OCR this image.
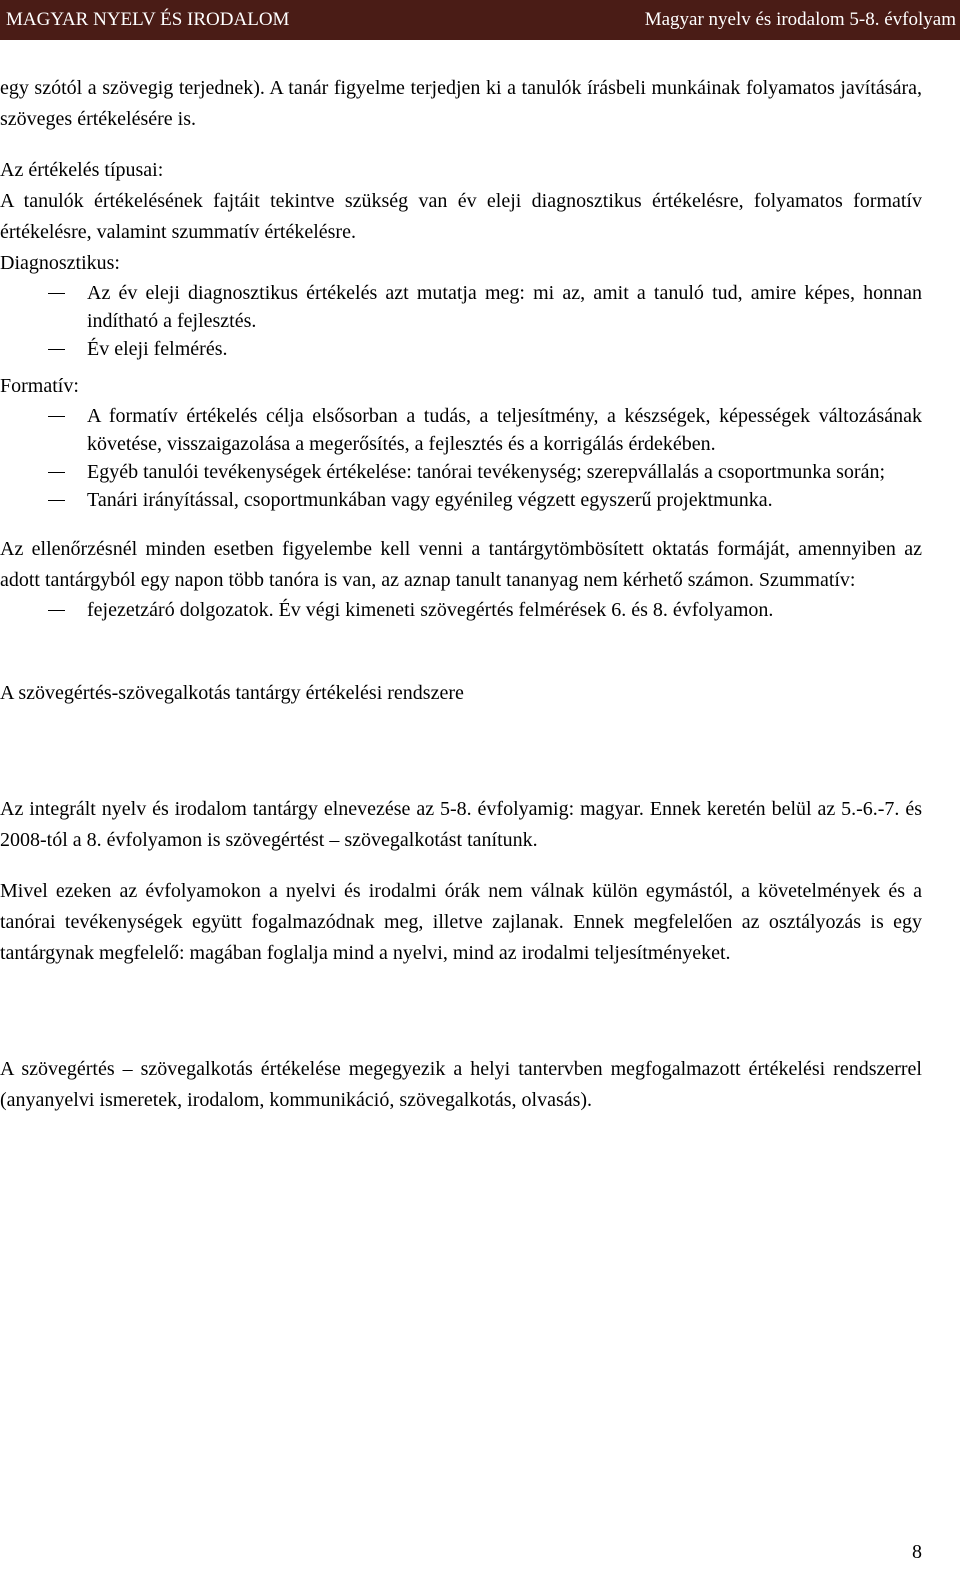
MAGYAR NYELV ÉS IRODALOM	Magyar nyelv és irodalom 5-8. évfolyam

egy szótól a szövegig terjednek). A tanár figyelme terjedjen ki a tanulók írásbeli munkáinak folyamatos javítására, szöveges értékelésére is.

Az értékelés típusai:

A tanulók értékelésének fajtáit tekintve szükség van év eleji diagnosztikus értékelésre, folyamatos formatív értékelésre, valamint szummatív értékelésre.

Diagnosztikus:

Az év eleji diagnosztikus értékelés azt mutatja meg: mi az, amit a tanuló tud, amire képes, honnan indítható a fejlesztés.
Év eleji felmérés.

Formatív:

A formatív értékelés célja elsősorban a tudás, a teljesítmény, a készségek, képességek változásának követése, visszaigazolása a megerősítés, a fejlesztés és a korrigálás érdekében.
Egyéb tanulói tevékenységek értékelése: tanórai tevékenység; szerepvállalás a csoportmunka során;
Tanári irányítással, csoportmunkában vagy egyénileg végzett egyszerű projektmunka.

Az ellenőrzésnél minden esetben figyelembe kell venni a tantárgytömbösített oktatás formáját, amennyiben az adott tantárgyból egy napon több tanóra is van, az aznap tanult tananyag nem kérhető számon. Szummatív:

fejezetzáró dolgozatok. Év végi kimeneti szövegértés felmérések 6. és 8. évfolyamon.

A szövegértés-szövegalkotás tantárgy értékelési rendszere

Az integrált nyelv és irodalom tantárgy elnevezése az 5-8. évfolyamig: magyar. Ennek keretén belül az 5.-6.-7. és 2008-tól a 8. évfolyamon is szövegértést – szövegalkotást tanítunk.

Mivel ezeken az évfolyamokon a nyelvi és irodalmi órák nem válnak külön egymástól, a követelmények és a tanórai tevékenységek együtt fogalmazódnak meg, illetve zajlanak. Ennek megfelelően az osztályozás is egy tantárgynak megfelelő: magában foglalja mind a nyelvi, mind az irodalmi teljesítményeket.

A szövegértés – szövegalkotás értékelése megegyezik a helyi tantervben megfogalmazott értékelési rendszerrel (anyanyelvi ismeretek, irodalom, kommunikáció, szövegalkotás, olvasás).

8
